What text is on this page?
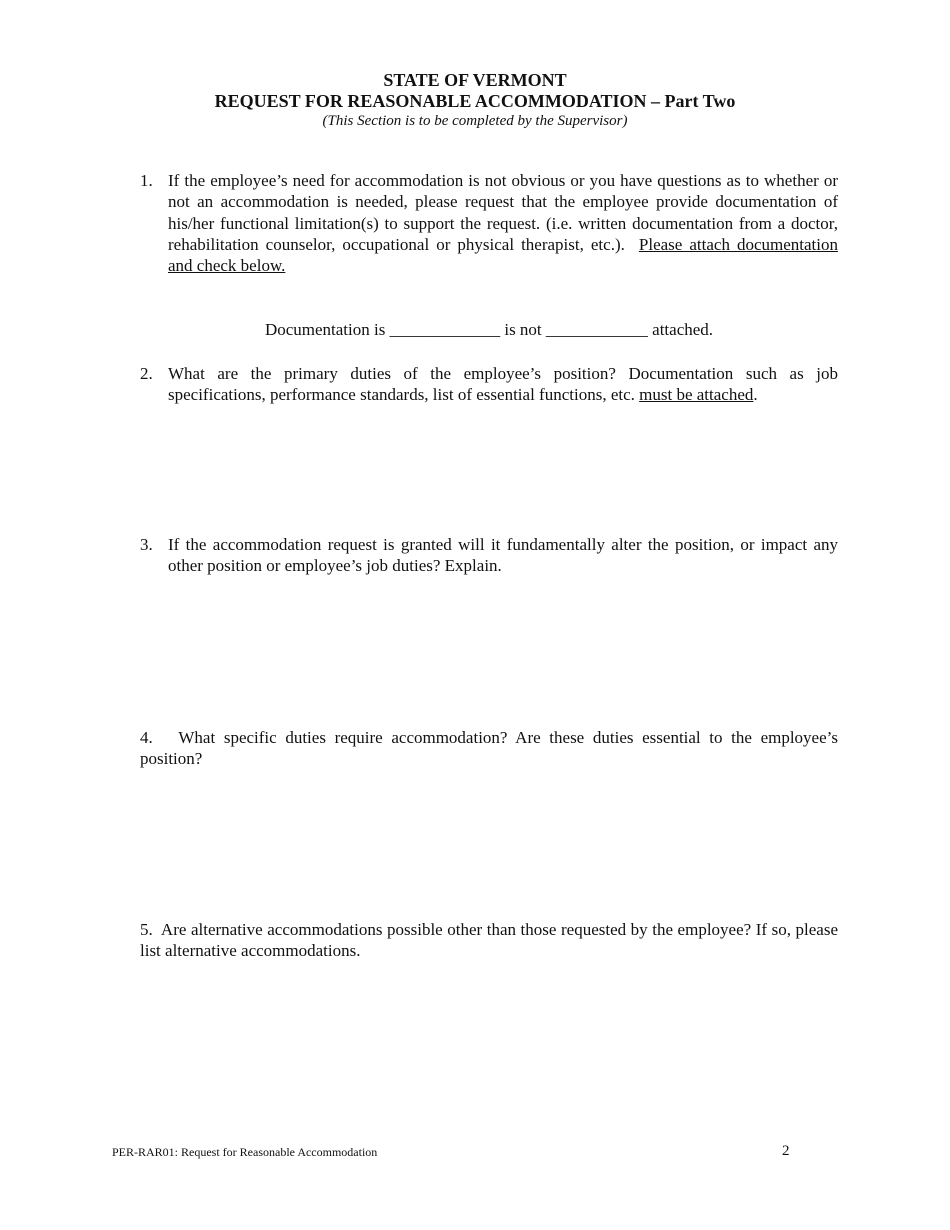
STATE OF VERMONT
REQUEST FOR REASONABLE ACCOMMODATION – Part Two
(This Section is to be completed by the Supervisor)
1. If the employee’s need for accommodation is not obvious or you have questions as to whether or not an accommodation is needed, please request that the employee provide documentation of his/her functional limitation(s) to support the request. (i.e. written documentation from a doctor, rehabilitation counselor, occupational or physical therapist, etc.). Please attach documentation and check below.
Documentation is _____________ is not ____________ attached.
2. What are the primary duties of the employee’s position? Documentation such as job specifications, performance standards, list of essential functions, etc. must be attached.
3. If the accommodation request is granted will it fundamentally alter the position, or impact any other position or employee’s job duties? Explain.
4. What specific duties require accommodation? Are these duties essential to the employee’s position?
5. Are alternative accommodations possible other than those requested by the employee? If so, please list alternative accommodations.
PER-RAR01: Request for Reasonable Accommodation	2
